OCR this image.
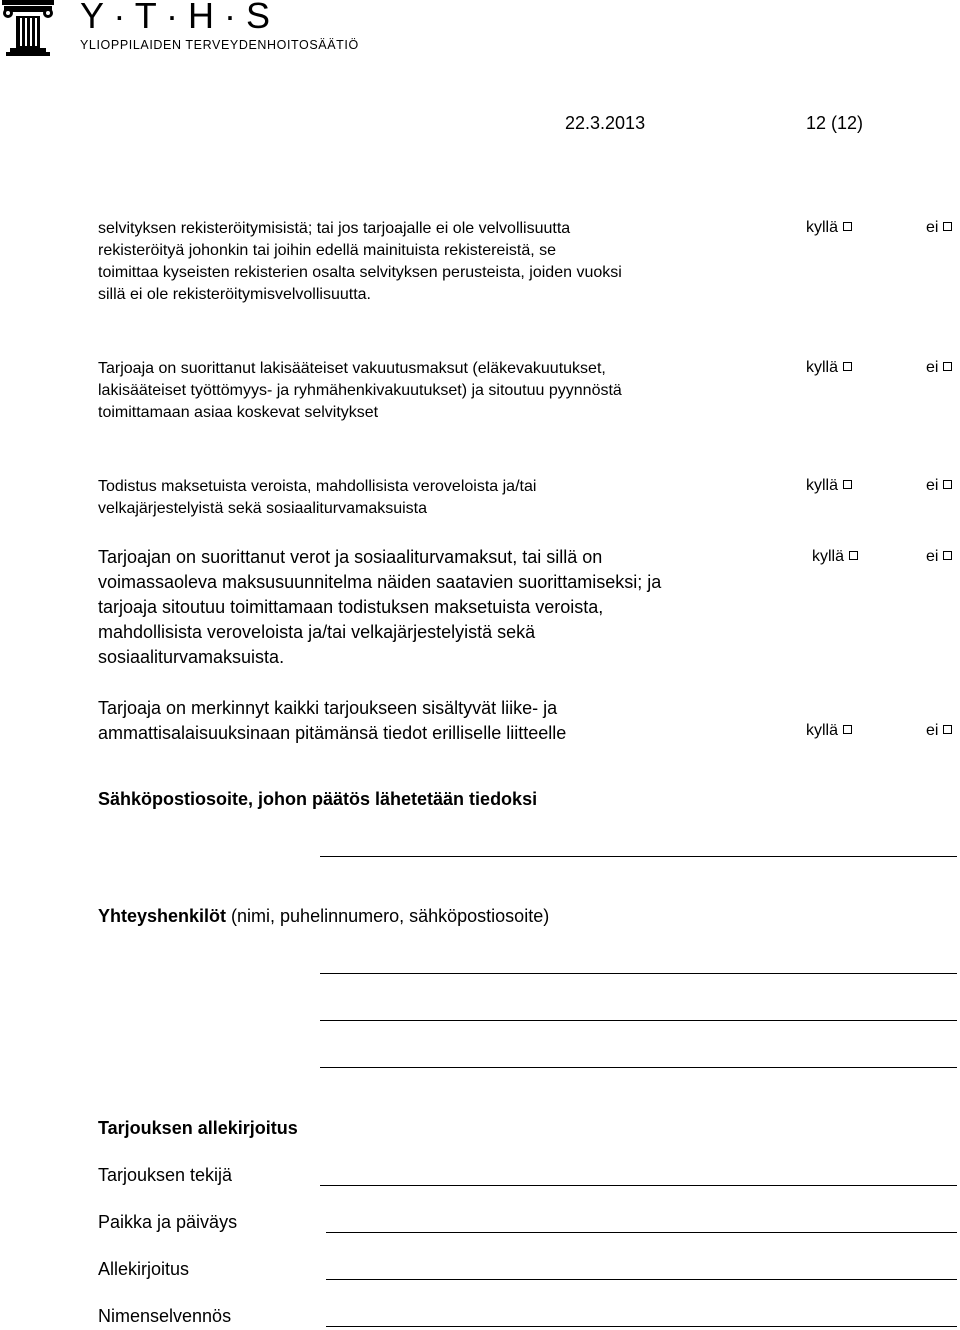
Y · T · H · S
YLIOPPILAIDEN TERVEYDENHOITOSÄÄTIÖ
22.3.2013	12 (12)
selvityksen rekisteröitymisistä; tai jos tarjoajalle ei ole velvollisuutta
rekisteröityä johonkin tai joihin edellä mainituista rekistereistä, se
toimittaa kyseisten rekisterien osalta selvityksen perusteista, joiden vuoksi
sillä ei ole rekisteröitymisvelvollisuutta.
kyllä	ei
Tarjoaja on suorittanut lakisääteiset vakuutusmaksut (eläkevakuutukset,
lakisääteiset työttömyys- ja ryhmähenkivakuutukset) ja sitoutuu pyynnöstä
toimittamaan asiaa koskevat selvitykset
kyllä	ei
Todistus maksetuista veroista, mahdollisista veroveloista ja/tai
velkajärjestelyistä sekä sosiaaliturvamaksuista
kyllä	ei
Tarjoajan on suorittanut verot ja sosiaaliturvamaksut, tai sillä on
voimassaoleva maksusuunnitelma näiden saatavien suorittamiseksi; ja
tarjoaja sitoutuu toimittamaan todistuksen maksetuista veroista,
mahdollisista veroveloista ja/tai velkajärjestelyistä sekä
sosiaaliturvamaksuista.
kyllä	ei
Tarjoaja on merkinnyt kaikki tarjoukseen sisältyvät liike- ja
ammattisalaisuuksinaan pitämänsä tiedot erilliselle liitteelle	kyllä	ei
Sähköpostiosoite, johon päätös lähetetään tiedoksi
Yhteyshenkilöt (nimi, puhelinnumero, sähköpostiosoite)
Tarjouksen allekirjoitus
Tarjouksen tekijä
Paikka ja päiväys
Allekirjoitus
Nimenselvennös
